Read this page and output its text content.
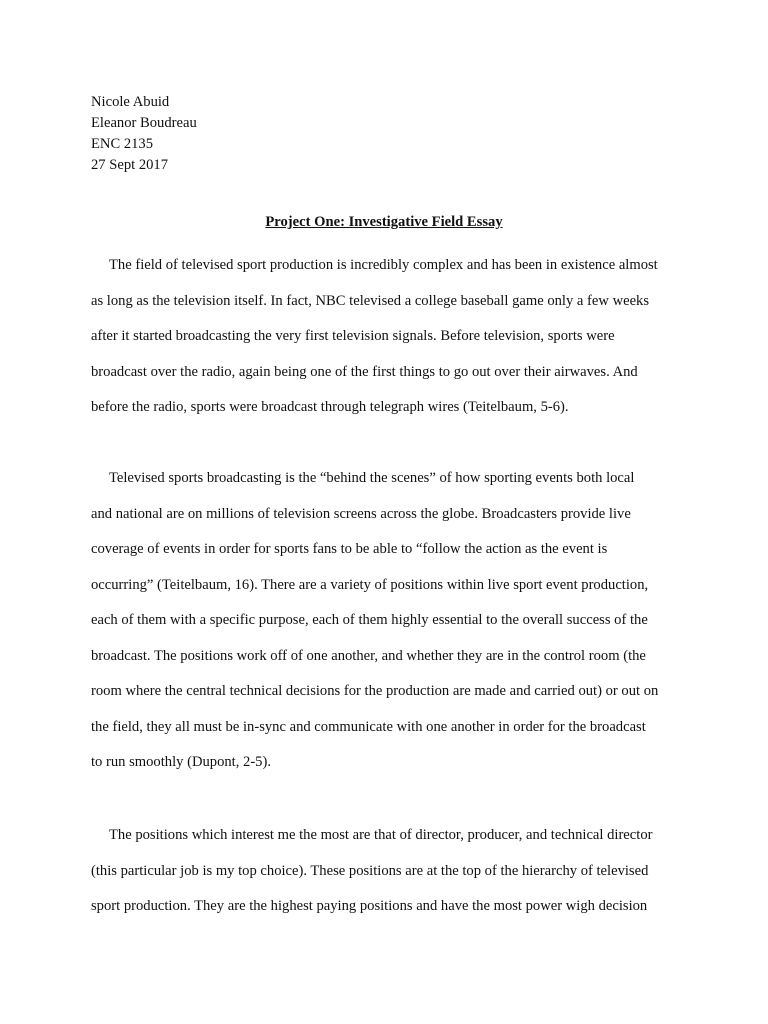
Nicole Abuid
Eleanor Boudreau
ENC 2135
27 Sept 2017
Project One: Investigative Field Essay
The field of televised sport production is incredibly complex and has been in existence almost
as long as the television itself. In fact, NBC televised a college baseball game only a few weeks
after it started broadcasting the very first television signals. Before television, sports were
broadcast over the radio, again being one of the first things to go out over their airwaves. And
before the radio, sports were broadcast through telegraph wires (Teitelbaum, 5-6).
Televised sports broadcasting is the “behind the scenes” of how sporting events both local
and national are on millions of television screens across the globe. Broadcasters provide live
coverage of events in order for sports fans to be able to “follow the action as the event is
occurring” (Teitelbaum, 16). There are a variety of positions within live sport event production,
each of them with a specific purpose, each of them highly essential to the overall success of the
broadcast. The positions work off of one another, and whether they are in the control room (the
room where the central technical decisions for the production are made and carried out) or out on
the field, they all must be in-sync and communicate with one another in order for the broadcast
to run smoothly (Dupont, 2-5).
The positions which interest me the most are that of director, producer, and technical director
(this particular job is my top choice). These positions are at the top of the hierarchy of televised
sport production. They are the highest paying positions and have the most power wigh decision
